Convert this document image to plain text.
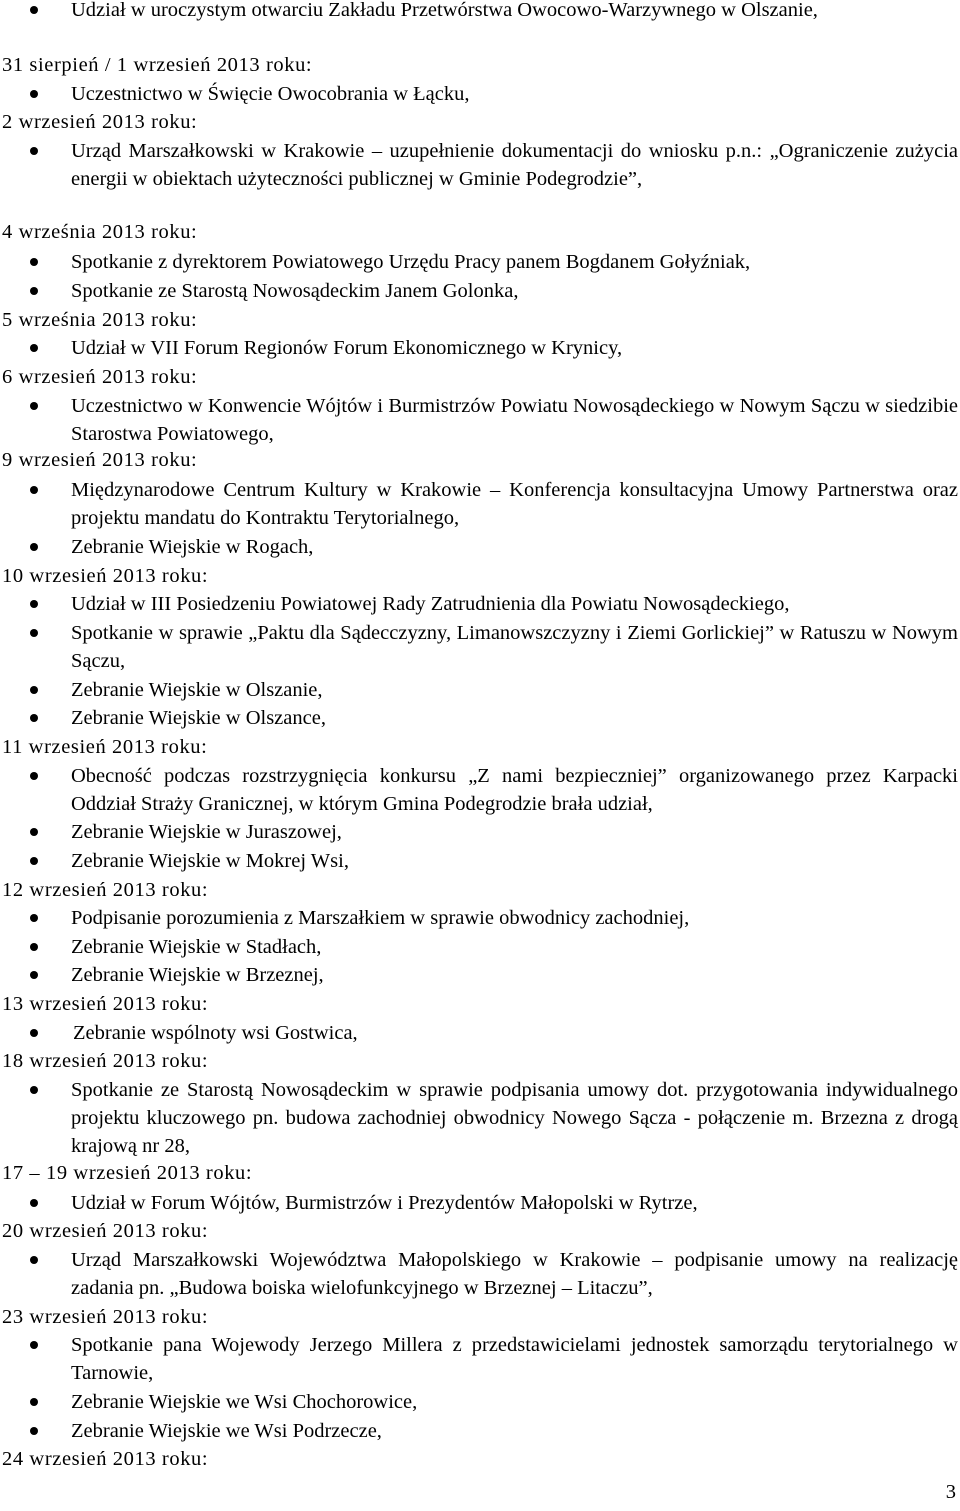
Udział w uroczystym otwarciu Zakładu Przetwórstwa Owocowo-Warzywnego w Olszanie,
31 sierpień / 1 wrzesień 2013 roku:
Uczestnictwo w Święcie Owocobrania w Łącku,
2 wrzesień 2013 roku:
Urząd Marszałkowski w Krakowie – uzupełnienie dokumentacji do wniosku p.n.: „Ograniczenie zużycia energii w obiektach użyteczności publicznej w Gminie Podegrodzie”,
4 września 2013 roku:
Spotkanie z dyrektorem Powiatowego Urzędu Pracy panem Bogdanem Gołyźniak,
Spotkanie ze Starostą Nowosądeckim Janem Golonka,
5 września 2013 roku:
Udział w VII Forum Regionów Forum Ekonomicznego w Krynicy,
6 wrzesień 2013 roku:
Uczestnictwo w Konwencie Wójtów i Burmistrzów Powiatu Nowosądeckiego w Nowym Sączu w siedzibie Starostwa Powiatowego,
9 wrzesień 2013 roku:
Międzynarodowe Centrum Kultury w Krakowie – Konferencja konsultacyjna Umowy Partnerstwa oraz projektu mandatu do Kontraktu Terytorialnego,
Zebranie Wiejskie w Rogach,
10 wrzesień 2013 roku:
Udział w III Posiedzeniu Powiatowej Rady Zatrudnienia dla Powiatu Nowosądeckiego,
Spotkanie w sprawie „Paktu dla Sądecczyzny, Limanowszczyzny i Ziemi Gorlickiej” w Ratuszu w Nowym Sączu,
Zebranie Wiejskie w Olszanie,
Zebranie Wiejskie w Olszance,
11 wrzesień 2013 roku:
Obecność podczas rozstrzygnięcia konkursu „Z nami bezpieczniej” organizowanego przez Karpacki Oddział Straży Granicznej, w którym Gmina Podegrodzie brała udział,
Zebranie Wiejskie w Juraszowej,
Zebranie Wiejskie w Mokrej Wsi,
12 wrzesień 2013 roku:
Podpisanie porozumienia z Marszałkiem w sprawie obwodnicy zachodniej,
Zebranie Wiejskie w Stadłach,
Zebranie Wiejskie w Brzeznej,
13 wrzesień 2013 roku:
Zebranie wspólnoty wsi Gostwica,
18 wrzesień 2013 roku:
Spotkanie ze Starostą Nowosądeckim w sprawie podpisania umowy dot. przygotowania indywidualnego projektu kluczowego pn. budowa zachodniej obwodnicy Nowego Sącza - połączenie m. Brzezna z drogą krajową nr 28,
17 – 19 wrzesień 2013 roku:
Udział w Forum Wójtów, Burmistrzów i Prezydentów Małopolski w Rytrze,
20 wrzesień 2013 roku:
Urząd Marszałkowski Województwa Małopolskiego w Krakowie – podpisanie umowy na realizację zadania pn. „Budowa boiska wielofunkcyjnego w Brzeznej – Litaczu”,
23 wrzesień 2013 roku:
Spotkanie pana Wojewody Jerzego Millera z przedstawicielami jednostek samorządu terytorialnego w Tarnowie,
Zebranie Wiejskie we Wsi Chochorowice,
Zebranie Wiejskie we Wsi Podrzecze,
24 wrzesień 2013 roku:
3
